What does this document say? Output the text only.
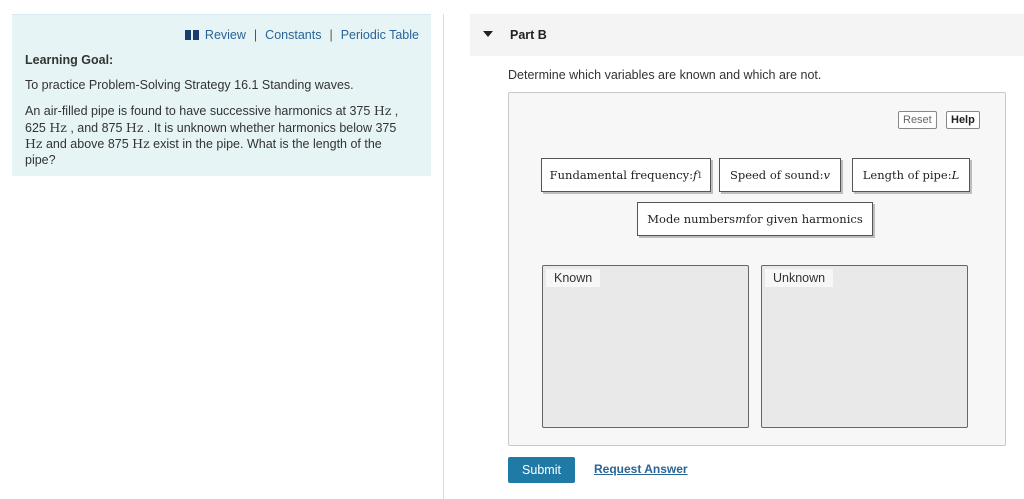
Review | Constants | Periodic Table
Learning Goal:
To practice Problem-Solving Strategy 16.1 Standing waves.
An air-filled pipe is found to have successive harmonics at 375 Hz , 625 Hz , and 875 Hz . It is unknown whether harmonics below 375 Hz and above 875 Hz exist in the pipe. What is the length of the pipe?
Part B
Determine which variables are known and which are not.
Reset	Help
Fundamental frequency: f 1 Speed of sound: v	Length of pipe: L
Mode numbers m for given harmonics
Known	Unknown
Submit	Request Answer
